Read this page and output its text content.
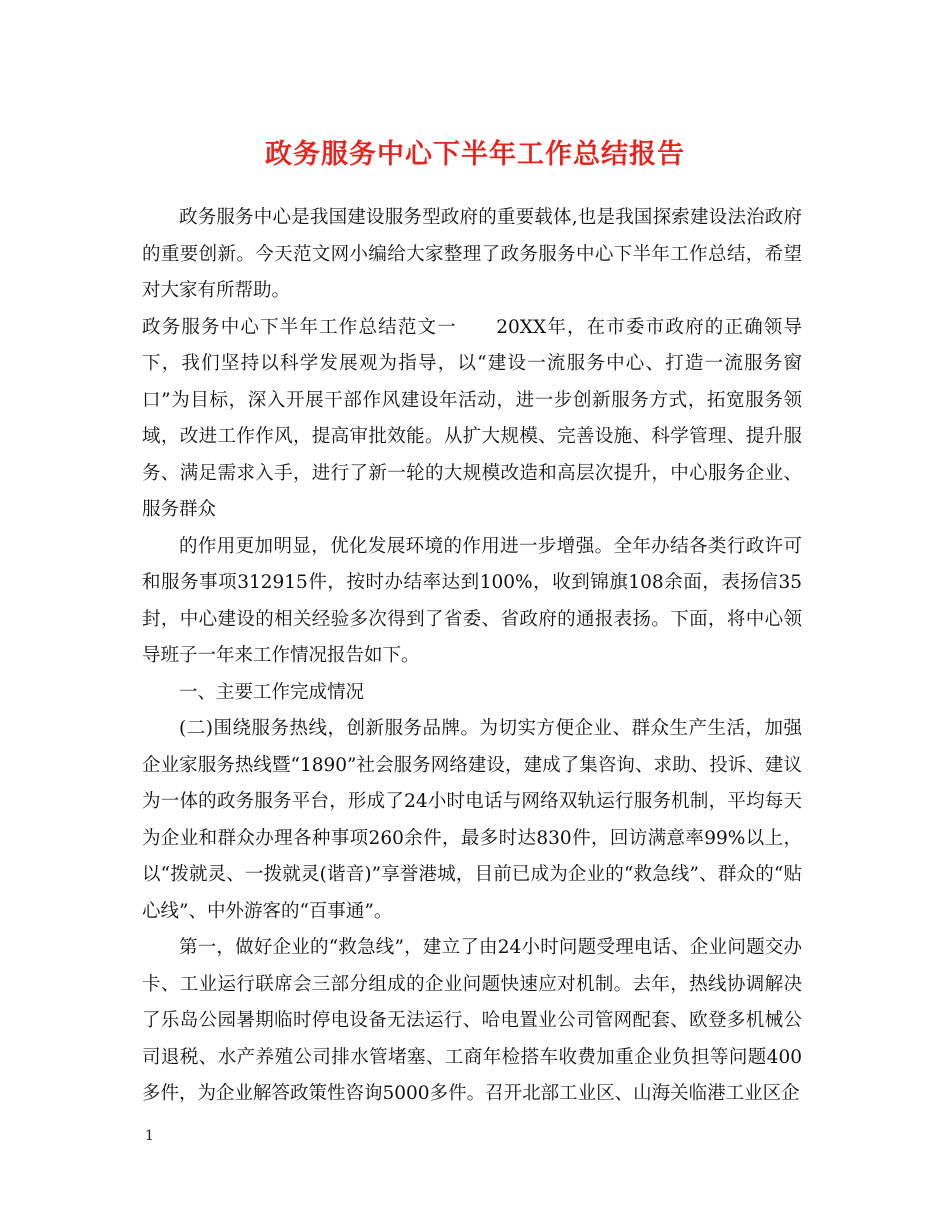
政务服务中心下半年工作总结报告

政务服务中心是我国建设服务型政府的重要载体,也是我国探索建设法治政府的重要创新。今天范文网小编给大家整理了政务服务中心下半年工作总结，希望对大家有所帮助。

政务服务中心下半年工作总结范文一　　20XX年，在市委市政府的正确领导下，我们坚持以科学发展观为指导，以“建设一流服务中心、打造一流服务窗口”为目标，深入开展干部作风建设年活动，进一步创新服务方式，拓宽服务领域，改进工作作风，提高审批效能。从扩大规模、完善设施、科学管理、提升服务、满足需求入手，进行了新一轮的大规模改造和高层次提升，中心服务企业、服务群众

的作用更加明显，优化发展环境的作用进一步增强。全年办结各类行政许可和服务事项312915件，按时办结率达到100%，收到锦旗108余面，表扬信35封，中心建设的相关经验多次得到了省委、省政府的通报表扬。下面，将中心领导班子一年来工作情况报告如下。

一、主要工作完成情况

(二)围绕服务热线，创新服务品牌。为切实方便企业、群众生产生活，加强企业家服务热线暨“1890”社会服务网络建设，建成了集咨询、求助、投诉、建议为一体的政务服务平台，形成了24小时电话与网络双轨运行服务机制，平均每天为企业和群众办理各种事项260余件，最多时达830件，回访满意率99%以上，以“拨就灵、一拨就灵(谐音)”享誉港城，目前已成为企业的“救急线”、群众的“贴心线”、中外游客的“百事通”。

第一，做好企业的“救急线”，建立了由24小时问题受理电话、企业问题交办卡、工业运行联席会三部分组成的企业问题快速应对机制。去年，热线协调解决了乐岛公园暑期临时停电设备无法运行、哈电置业公司管网配套、欧登多机械公司退税、水产养殖公司排水管堵塞、工商年检搭车收费加重企业负担等问题400多件，为企业解答政策性咨询5000多件。召开北部工业区、山海关临港工业区企

1
